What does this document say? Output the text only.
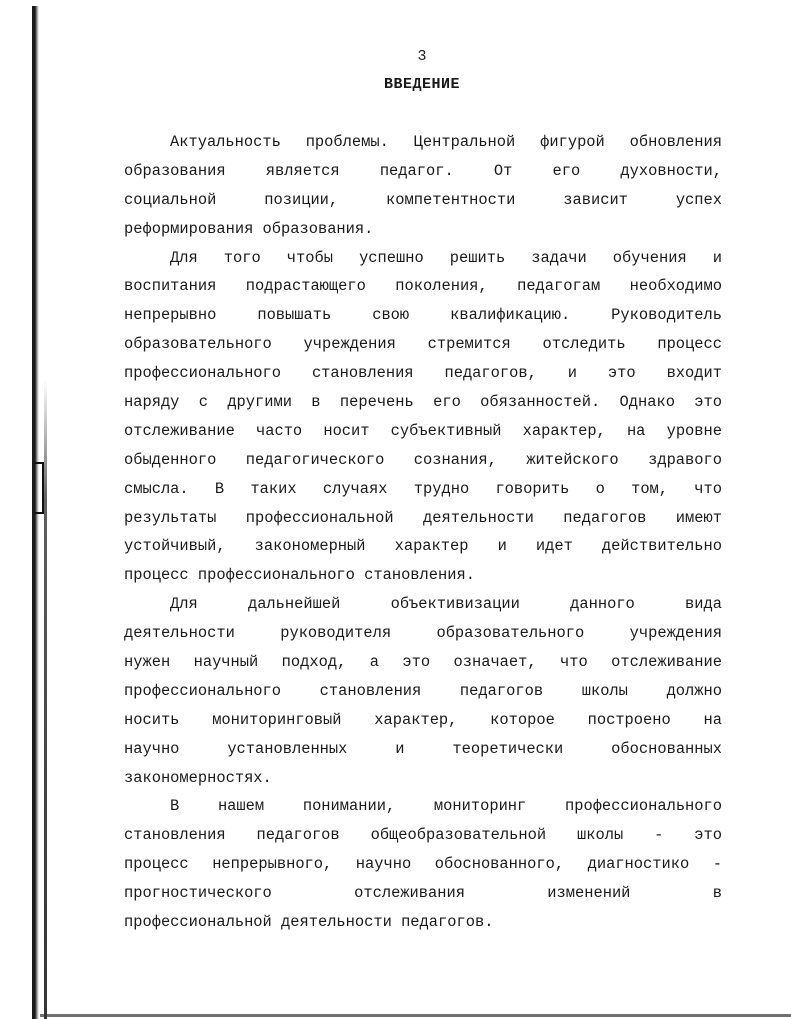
3
ВВЕДЕНИЕ
Актуальность проблемы. Центральной фигурой обновления
образования является педагог. От его духовности,
социальной позиции, компетентности зависит успех
реформирования образования.
Для того чтобы успешно решить задачи обучения и
воспитания подрастающего поколения, педагогам необходимо
непрерывно повышать свою квалификацию. Руководитель
образовательного учреждения стремится отследить процесс
профессионального становления педагогов, и это входит
наряду с другими в перечень его обязанностей. Однако это
отслеживание часто носит субъективный характер, на уровне
обыденного педагогического сознания, житейского здравого
смысла. В таких случаях трудно говорить о том, что
результаты профессиональной деятельности педагогов имеют
устойчивый, закономерный характер и идет действительно
процесс профессионального становления.
Для дальнейшей объективизации данного вида
деятельности руководителя образовательного учреждения
нужен научный подход, а это означает, что отслеживание
профессионального становления педагогов школы должно
носить мониторинговый характер, которое построено на
научно установленных и теоретически обоснованных
закономерностях.
В нашем понимании, мониторинг профессионального
становления педагогов общеобразовательной школы - это
процесс непрерывного, научно обоснованного, диагностико -
прогностического отслеживания изменений в
профессиональной деятельности педагогов.
